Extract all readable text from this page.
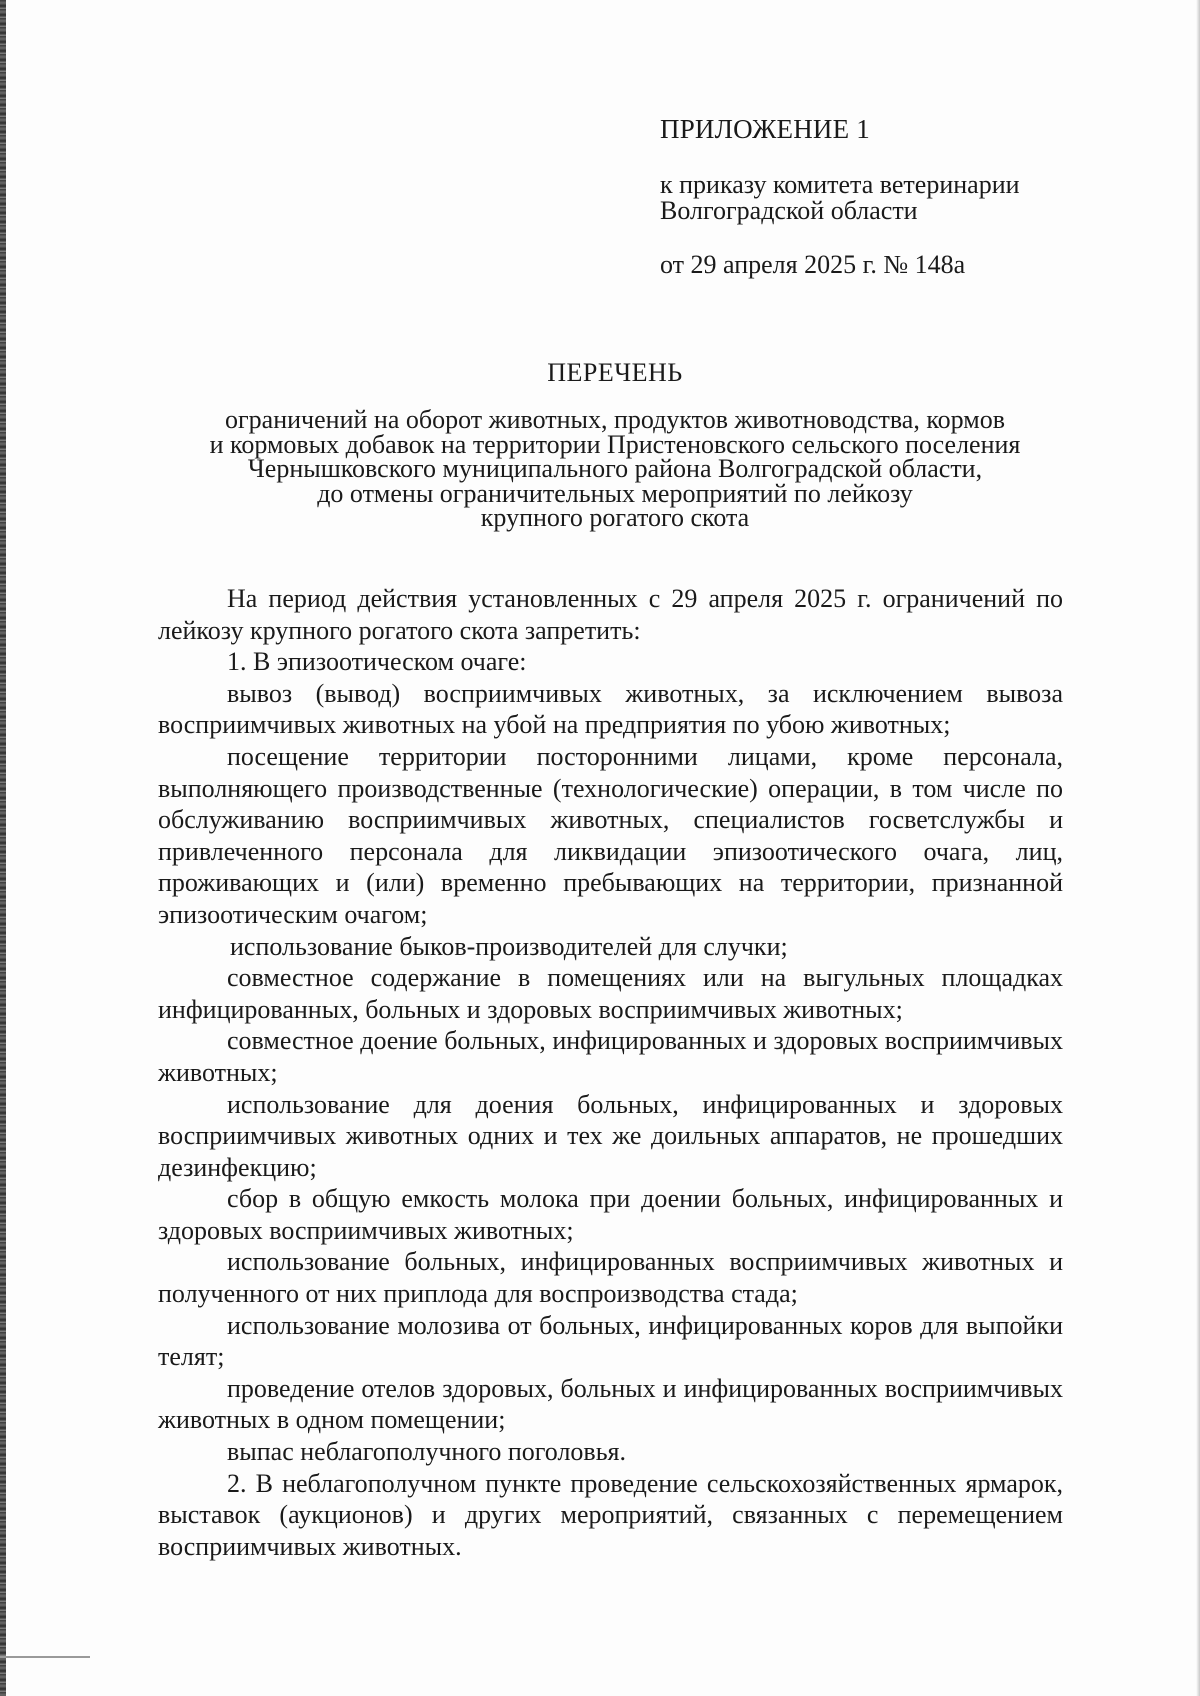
ПРИЛОЖЕНИЕ 1
к приказу комитета ветеринарии
Волгоградской области
от 29 апреля 2025 г. № 148а
ПЕРЕЧЕНЬ
ограничений на оборот животных, продуктов животноводства, кормов
и кормовых добавок на территории Пристеновского сельского поселения
Чернышковского муниципального района Волгоградской области,
до отмены ограничительных мероприятий по лейкозу
крупного рогатого скота

На период действия установленных с 29 апреля 2025 г. ограничений по лейкозу крупного рогатого скота запретить:

1. В эпизоотическом очаге:

вывоз (вывод) восприимчивых животных, за исключением вывоза восприимчивых животных на убой на предприятия по убою животных;

посещение территории посторонними лицами, кроме персонала, выполняющего производственные (технологические) операции, в том числе по обслуживанию восприимчивых животных, специалистов госветслужбы и привлеченного персонала для ликвидации эпизоотического очага, лиц, проживающих и (или) временно пребывающих на территории, признанной эпизоотическим очагом;

использование быков-производителей для случки;

совместное содержание в помещениях или на выгульных площадках инфицированных, больных и здоровых восприимчивых животных;

совместное доение больных, инфицированных и здоровых восприимчивых животных;

использование для доения больных, инфицированных и здоровых восприимчивых животных одних и тех же доильных аппаратов, не прошедших дезинфекцию;

сбор в общую емкость молока при доении больных, инфицированных и здоровых восприимчивых животных;

использование больных, инфицированных восприимчивых животных и полученного от них приплода для воспроизводства стада;

использование молозива от больных, инфицированных коров для выпойки телят;

проведение отелов здоровых, больных и инфицированных восприимчивых животных в одном помещении;

выпас неблагополучного поголовья.

2. В неблагополучном пункте проведение сельскохозяйственных ярмарок, выставок (аукционов) и других мероприятий, связанных с перемещением восприимчивых животных.
